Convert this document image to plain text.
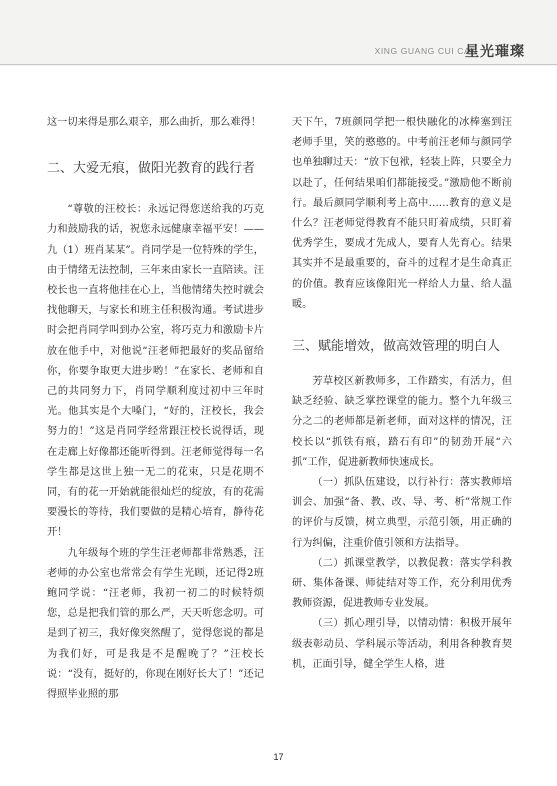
XING GUANG CUI CAN
星光璀璨

这一切来得是那么艰辛，那么曲折，那么难得！

二、大爱无痕，做阳光教育的践行者

“尊敬的汪校长：永远记得您送给我的巧克力和鼓励我的话，祝您永远健康幸福平安！——九（1）班肖某某”。肖同学是一位特殊的学生，由于情绪无法控制，三年来由家长一直陪读。汪校长也一直将他挂在心上，当他情绪失控时就会找他聊天，与家长和班主任积极沟通。考试进步时会把肖同学叫到办公室，将巧克力和激励卡片放在他手中，对他说“汪老师把最好的奖品留给你，你要争取更大进步哟！”在家长、老师和自己的共同努力下，肖同学顺利度过初中三年时光。他其实是个大嗓门，“好的，汪校长，我会努力的！”这是肖同学经常跟汪校长说得话，现在走廊上好像都还能听得到。汪老师觉得每一名学生都是这世上独一无二的花束，只是花期不同，有的花一开始就能很灿烂的绽放，有的花需要漫长的等待，我们要做的是精心培育，静待花开！

九年级每个班的学生汪老师都非常熟悉，汪老师的办公室也常常会有学生光顾，还记得2班鲍同学说：“汪老师，我初一初二的时候特烦您，总是把我们管的那么严，天天听您念叨。可是到了初三，我好像突然醒了，觉得您说的都是为我们好，可是我是不是醒晚了？”汪校长说：“没有，挺好的，你现在刚好长大了！”还记得照毕业照的那

天下午，7班颜同学把一根快融化的冰棒塞到汪老师手里，笑的憨憨的。中考前汪老师与颜同学也单独聊过天：“放下包袱，轻装上阵，只要全力以赴了，任何结果咱们都能接受。”激励他不断前行。最后颜同学顺利考上高中……教育的意义是什么？汪老师觉得教育不能只盯着成绩，只盯着优秀学生，要成才先成人，要育人先育心。结果其实并不是最重要的，奋斗的过程才是生命真正的价值。教育应该像阳光一样给人力量、给人温暖。

三、赋能增效，做高效管理的明白人

芳草校区新教师多，工作踏实，有活力，但缺乏经验、缺乏掌控课堂的能力。整个九年级三分之二的老师都是新老师，面对这样的情况，汪校长以“抓铁有痕，踏石有印”的韧劲开展“六抓”工作，促进新教师快速成长。

（一）抓队伍建设，以行补行：落实教师培训会、加强“备、教、改、导、考、析”常规工作的评价与反馈，树立典型，示范引领，用正确的行为纠偏，注重价值引领和方法指导。

（二）抓课堂教学，以教促教：落实学科教研、集体备课、师徒结对等工作，充分利用优秀教师资源，促进教师专业发展。

（三）抓心理引导，以情动情：积极开展年级表彰动员、学科展示等活动，利用各种教育契机，正面引导，健全学生人格，进

17
